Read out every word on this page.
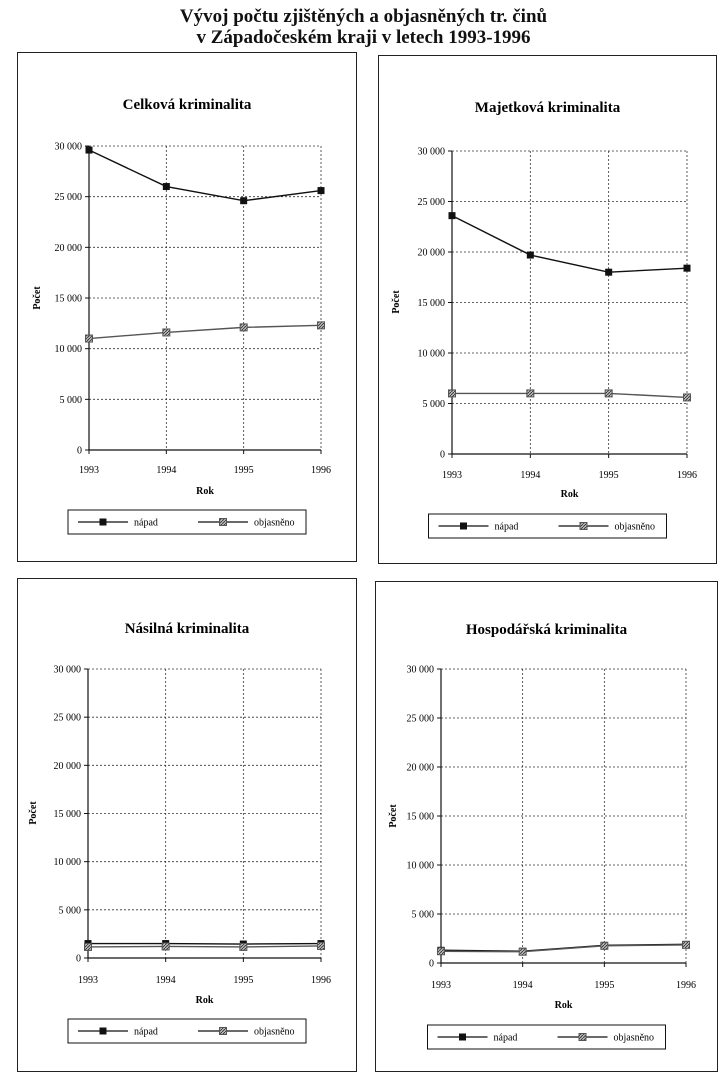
Vývoj počtu zjištěných a objasněných tr. činů
v Západočeském kraji v letech 1993-1996
Celková kriminalita
0
5 000
10 000
15 000
20 000
25 000
30 000
1993	1994	1995	1996
Rok
Počet
nápad	objasněno
Majetková kriminalita
0
5 000
10 000
15 000
20 000
25 000
30 000
1993	1994	1995	1996
Rok
Počet
nápad	objasněno
Násilná kriminalita
0
5 000
10 000
15 000
20 000
25 000
30 000
1993	1994	1995	1996
Rok
Počet
nápad	objasněno
Hospodářská kriminalita
0
5 000
10 000
15 000
20 000
25 000
30 000
1993	1994	1995	1996
Rok
Počet
nápad	objasněno
